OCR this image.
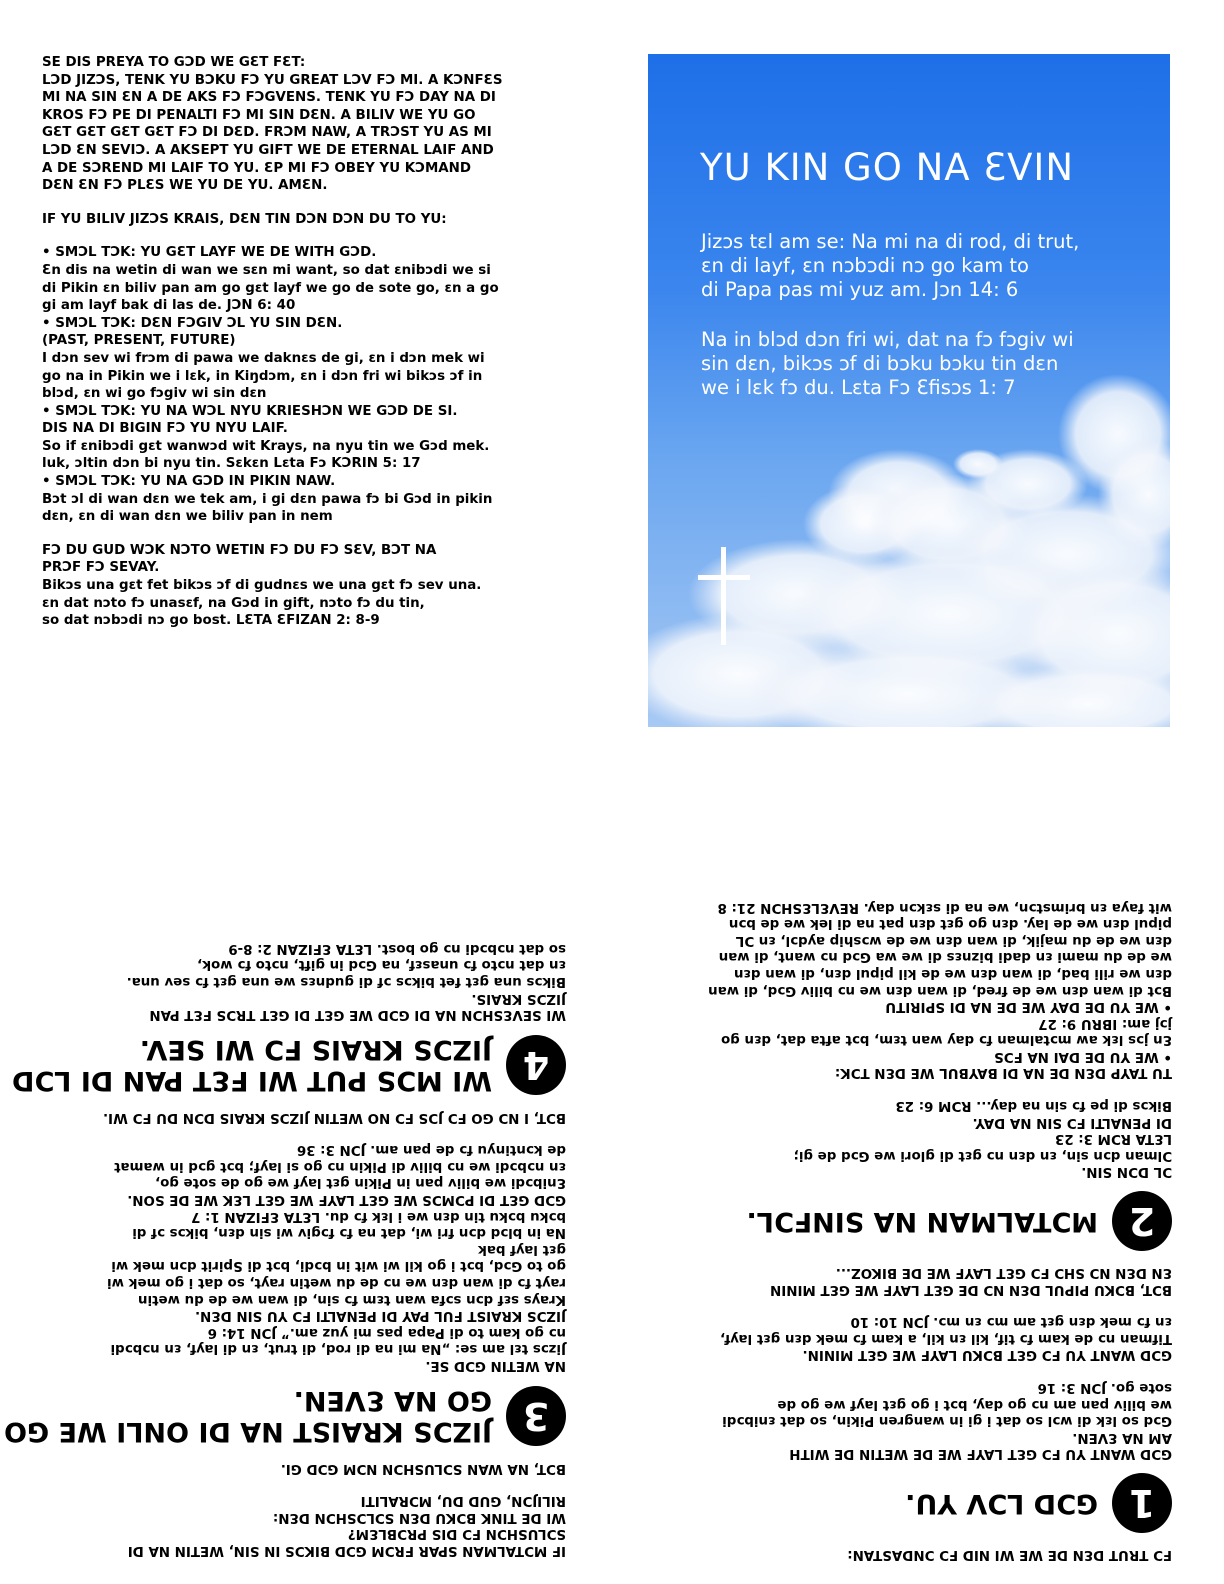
SE DIS PREYA TO GƆD WE GƐT FƐT:
LƆD JIZƆS, TENK YU BƆKU FƆ YU GREAT LƆV FƆ MI. A KƆNFƐS
MI NA SIN ƐN A DE AKS FƆ FƆGVENS. TENK YU FƆ DAY NA DI
KROS FƆ PE DI PENALTI FƆ MI SIN DƐN. A BILIV WE YU GO
GƐT GƐT GƐT GƐT FƆ DI DƐD. FRƆM NAW, A TRƆST YU AS MI
LƆD ƐN SEVIƆ. A AKSEPT YU GIFT WE DE ETERNAL LAIF AND
A DE SƆREND MI LAIF TO YU. ƐP MI FƆ OBEY YU KƆMAND
DƐN ƐN FƆ PLƐS WE YU DE YU. AMƐN.
IF YU BILIV JIZƆS KRAIS, DƐN TIN DƆN DƆN DU TO YU:
• SMƆL TƆK: YU GƐT LAYF WE DE WITH GƆD.
Ɛn dis na wetin di wan we sɛn mi want, so dat ɛnibɔdi we si
di Pikin ɛn biliv pan am go gɛt layf we go de sote go, ɛn a go
gi am layf bak di las de. JƆN 6: 40
• SMƆL TƆK: DƐN FƆGIV ƆL YU SIN DƐN.
(PAST, PRESENT, FUTURE)
I dɔn sev wi frɔm di pawa we daknɛs de gi, ɛn i dɔn mek wi
go na in Pikin we i lɛk, in Kiŋdɔm, ɛn i dɔn fri wi bikɔs ɔf in
blɔd, ɛn wi go fɔgiv wi sin dɛn
• SMƆL TƆK: YU NA WƆL NYU KRIESHƆN WE GƆD DE SI.
DIS NA DI BIGIN FƆ YU NYU LAIF.
So if ɛnibɔdi gɛt wanwɔd wit Krays, na nyu tin we Gɔd mek.
luk, ɔltin dɔn bi nyu tin. Sɛkɛn Lɛta Fɔ KƆRIN 5: 17
• SMƆL TƆK: YU NA GƆD IN PIKIN NAW.
Bɔt ɔl di wan dɛn we tek am, i gi dɛn pawa fɔ bi Gɔd in pikin
dɛn, ɛn di wan dɛn we biliv pan in nem
FƆ DU GUD WƆK NƆTO WETIN FƆ DU FƆ SƐV, BƆT NA
PRƆF FƆ SEVAY.
Bikɔs una gɛt fet bikɔs ɔf di gudnɛs we una gɛt fɔ sev una.
ɛn dat nɔto fɔ unasɛf, na Gɔd in gift, nɔto fɔ du tin,
so dat nɔbɔdi nɔ go bost. LƐTA ƐFIZAN 2: 8-9
YU KIN GO NA ƐVIN
Jizɔs tɛl am se: Na mi na di rod, di trut,
ɛn di layf, ɛn nɔbɔdi nɔ go kam to
di Papa pas mi yuz am. Jɔn 14: 6
Na in blɔd dɔn fri wi, dat na fɔ fɔgiv wi
sin dɛn, bikɔs ɔf di bɔku bɔku tin dɛn
we i lɛk fɔ du. Lɛta Fɔ Ɛfisɔs 1: 7
FƆ TRUT DƐN DE WE WI NID FƆ ƆNDASTAN:
1
GƆD LƆV YU.
GƆD WANT YU FƆ GƐT LAYF WE DE WETIN DE WITH
AM NA ƐVEN.
Gɔd so lɛk di wɔl so dat i gi in wangren Pikin, so dat ɛnibɔdi
we biliv pan am nɔ go day, bɔt i go gɛt layf we go de
sote go. JƆN 3: 16
GƆD WANT YU FƆ GƐT BƆKU LAYF WE GƐT MININ.
Tifman nɔ de kam fɔ tif, kil ɛn kil, a kam fɔ mek dɛn gɛt layf,
ɛn fɔ mek dɛn gɛt am mɔ ɛn mɔ. JƆN 10: 10
BƆT, BƆKU PIPUL DƐN NƆ DE GƐT LAYF WE GƐT MININ
ƐN DƐN NƆ SHƆ FƆ GƐT LAYF WE DE BIKOZ...
2
MƆTALMAN NA SINFƆL.
ƆL DƆN SIN.
Ɔlman dɔn sin, ɛn dɛn nɔ gɛt di glori we Gɔd de gi;
LƐTA RƆM 3: 23
DI PENALTI FƆ SIN NA DAY.
Bikɔs di pe fɔ sin na day... RƆM 6: 23
TU TAYP DƐN DE NA DI BAYBUL WE DƐN TƆK:
• WE YU DE DAI NA FƆS
Ɛn jɔs lɛk aw mɔtalman fɔ day wan tɛm, bɔt afta dat, dɛn go
jɔj am: IBRU 9: 27
• WE YU DE DAY WE DE NA DI SPIRITU
Bɔt di wan dɛn we de fred, di wan dɛn we nɔ biliv Gɔd, di wan
dɛn we rili bad, di wan dɛn we de kil pipul dɛn, di wan dɛn
we de du mami ɛn dadi biznɛs di we wa Gɔd nɔ want, di wan
dɛn we de du majik, di wan dɛn we de wɔship aydɔl, ɛn ƆL
pipul dɛn we de lay. dɛn go gɛt dɛn pat na di lek we de bɔn
wit faya ɛn brimstɔn, we na di sɛkɔn day. REVƐLƐSHƆN 21: 8
IF MƆTALMAN SPAR FRƆM GƆD BIKƆS IN SIN, WETIN NA DI
SƆLUSHƆN FƆ DIS PRƆBLƐM?
WI DE TINK BƆKU DƐN SƆLƆSHƆN DƐN:
RILIJƆN, GUD DU, MƆRALITI
BƆT, NA WAN SƆLUSHƆN NƆM GƆD GI.
3
JIZƆS KRAIST NA DI ONLI WE GO
GO NA ƐVEN.
NA WETIN GƆD SE.
Jizɔs tɛl am se: „Na mi na di rod, di trut, ɛn di layf, ɛn nɔbɔdi
nɔ go kam to di Papa pas mi yuz am.” JƆN 14: 6
JIZƆS KRAIST FUL PAY DI PENALTI FƆ YU SIN DƐN.
Krays sɛf dɔn sɔfa wan tɛm fɔ sin, di wan we de du wetin
rayt fɔ di wan dɛn we nɔ de du wetin rayt, so dat i go mek wi
go to Gɔd, bɔt i go kil wi wit in bɔdi, bɔt di Spirit dɔn mek wi
gɛt layf bak
Na in blɔd dɔn fri wi, dat na fɔ fɔgiv wi sin dɛn, bikɔs ɔf di
bɔku bɔku tin dɛn we i lɛk fɔ du. LƐTA ƐFIZAN 1: 7
GƆD GƐT DI PƆMƆS WE GƐT LAYF WE GƐT LƐK WE DE SON.
Ɛnibɔdi we biliv pan in Pikin gɛt layf we go de sote go,
ɛn nɔbɔdi we nɔ biliv di Pikin nɔ go si layf; bɔt gɔd in wamat
de kɔntinyu fɔ de pan am. JƆN 3: 36
BƆT, I NƆ GO FƆ JƆS FƆ NO WETIN JIZƆS KRAIS DƆN DU FƆ WI.
4
WI MƆS PUT WI FƐT PAN DI LƆD
JIZƆS KRAIS FƆ WI SEV.
WI SEVƐSHƆN NA DI GƆD WE GƐT DI GƐT TRƆS FƐT PAN
JIZƆS KRAIS.
Bikɔs una gɛt fet bikɔs ɔf di gudnɛs we una gɛt fɔ sev una.
ɛn dat nɔto fɔ unasɛf, na Gɔd in gift, nɔto fɔ wok,
so dat nɔbɔdi nɔ go bost. LƐTA ƐFIZAN 2: 8-9
